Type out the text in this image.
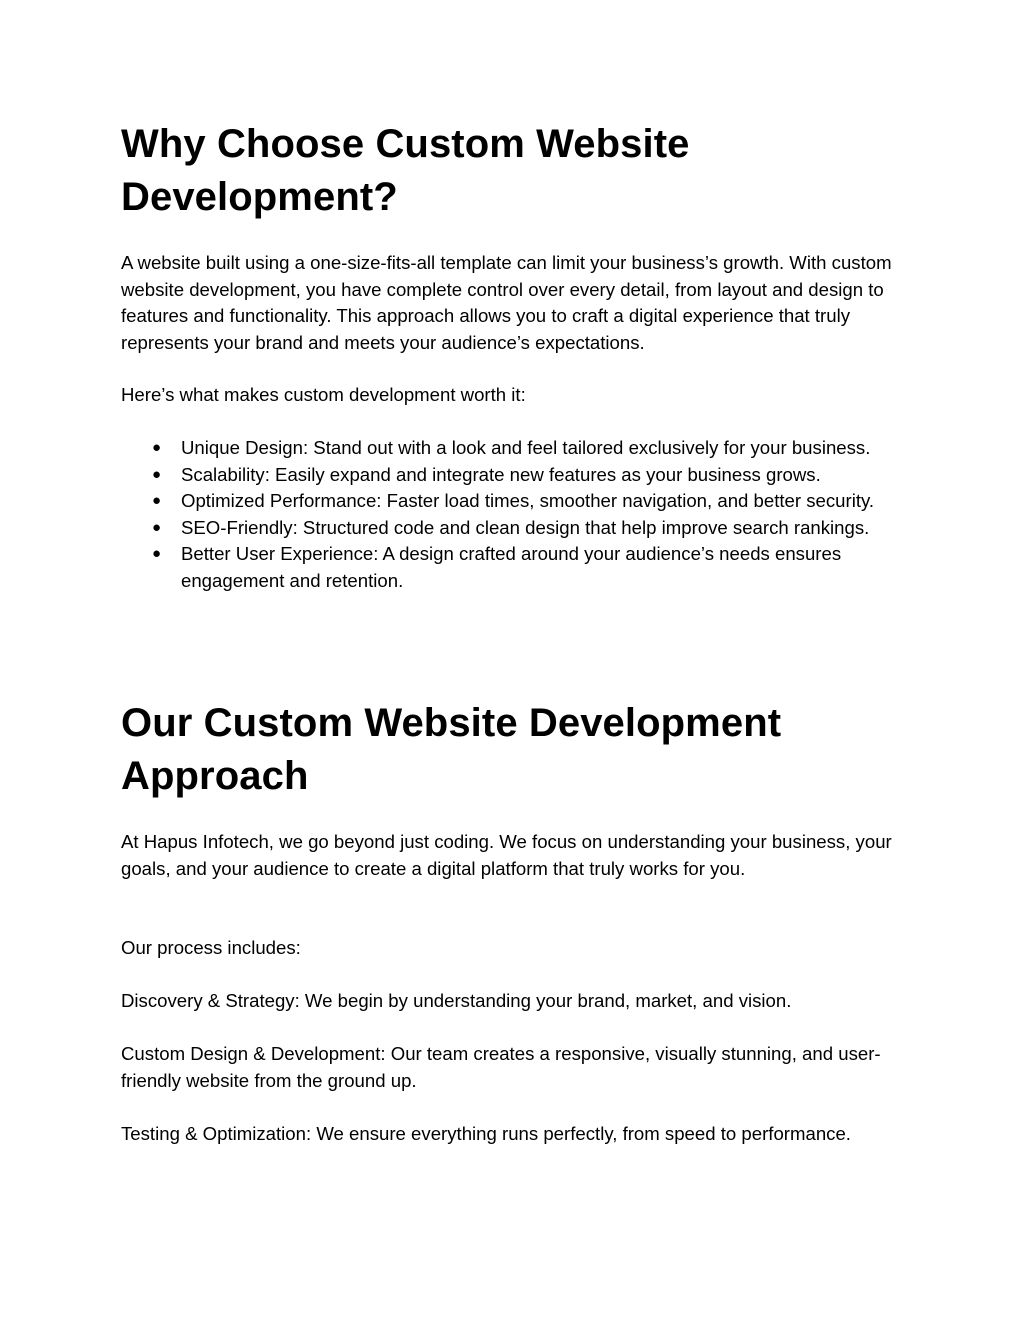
Why Choose Custom Website Development?

A website built using a one-size-fits-all template can limit your business’s growth. With custom website development, you have complete control over every detail, from layout and design to features and functionality. This approach allows you to craft a digital experience that truly represents your brand and meets your audience’s expectations.

Here’s what makes custom development worth it:

● Unique Design: Stand out with a look and feel tailored exclusively for your business.
● Scalability: Easily expand and integrate new features as your business grows.
● Optimized Performance: Faster load times, smoother navigation, and better security.
● SEO-Friendly: Structured code and clean design that help improve search rankings.
● Better User Experience: A design crafted around your audience’s needs ensures engagement and retention.
Our Custom Website Development Approach

At Hapus Infotech, we go beyond just coding. We focus on understanding your business, your goals, and your audience to create a digital platform that truly works for you.

Our process includes:

Discovery & Strategy: We begin by understanding your brand, market, and vision.

Custom Design & Development: Our team creates a responsive, visually stunning, and user-friendly website from the ground up.

Testing & Optimization: We ensure everything runs perfectly, from speed to performance.
